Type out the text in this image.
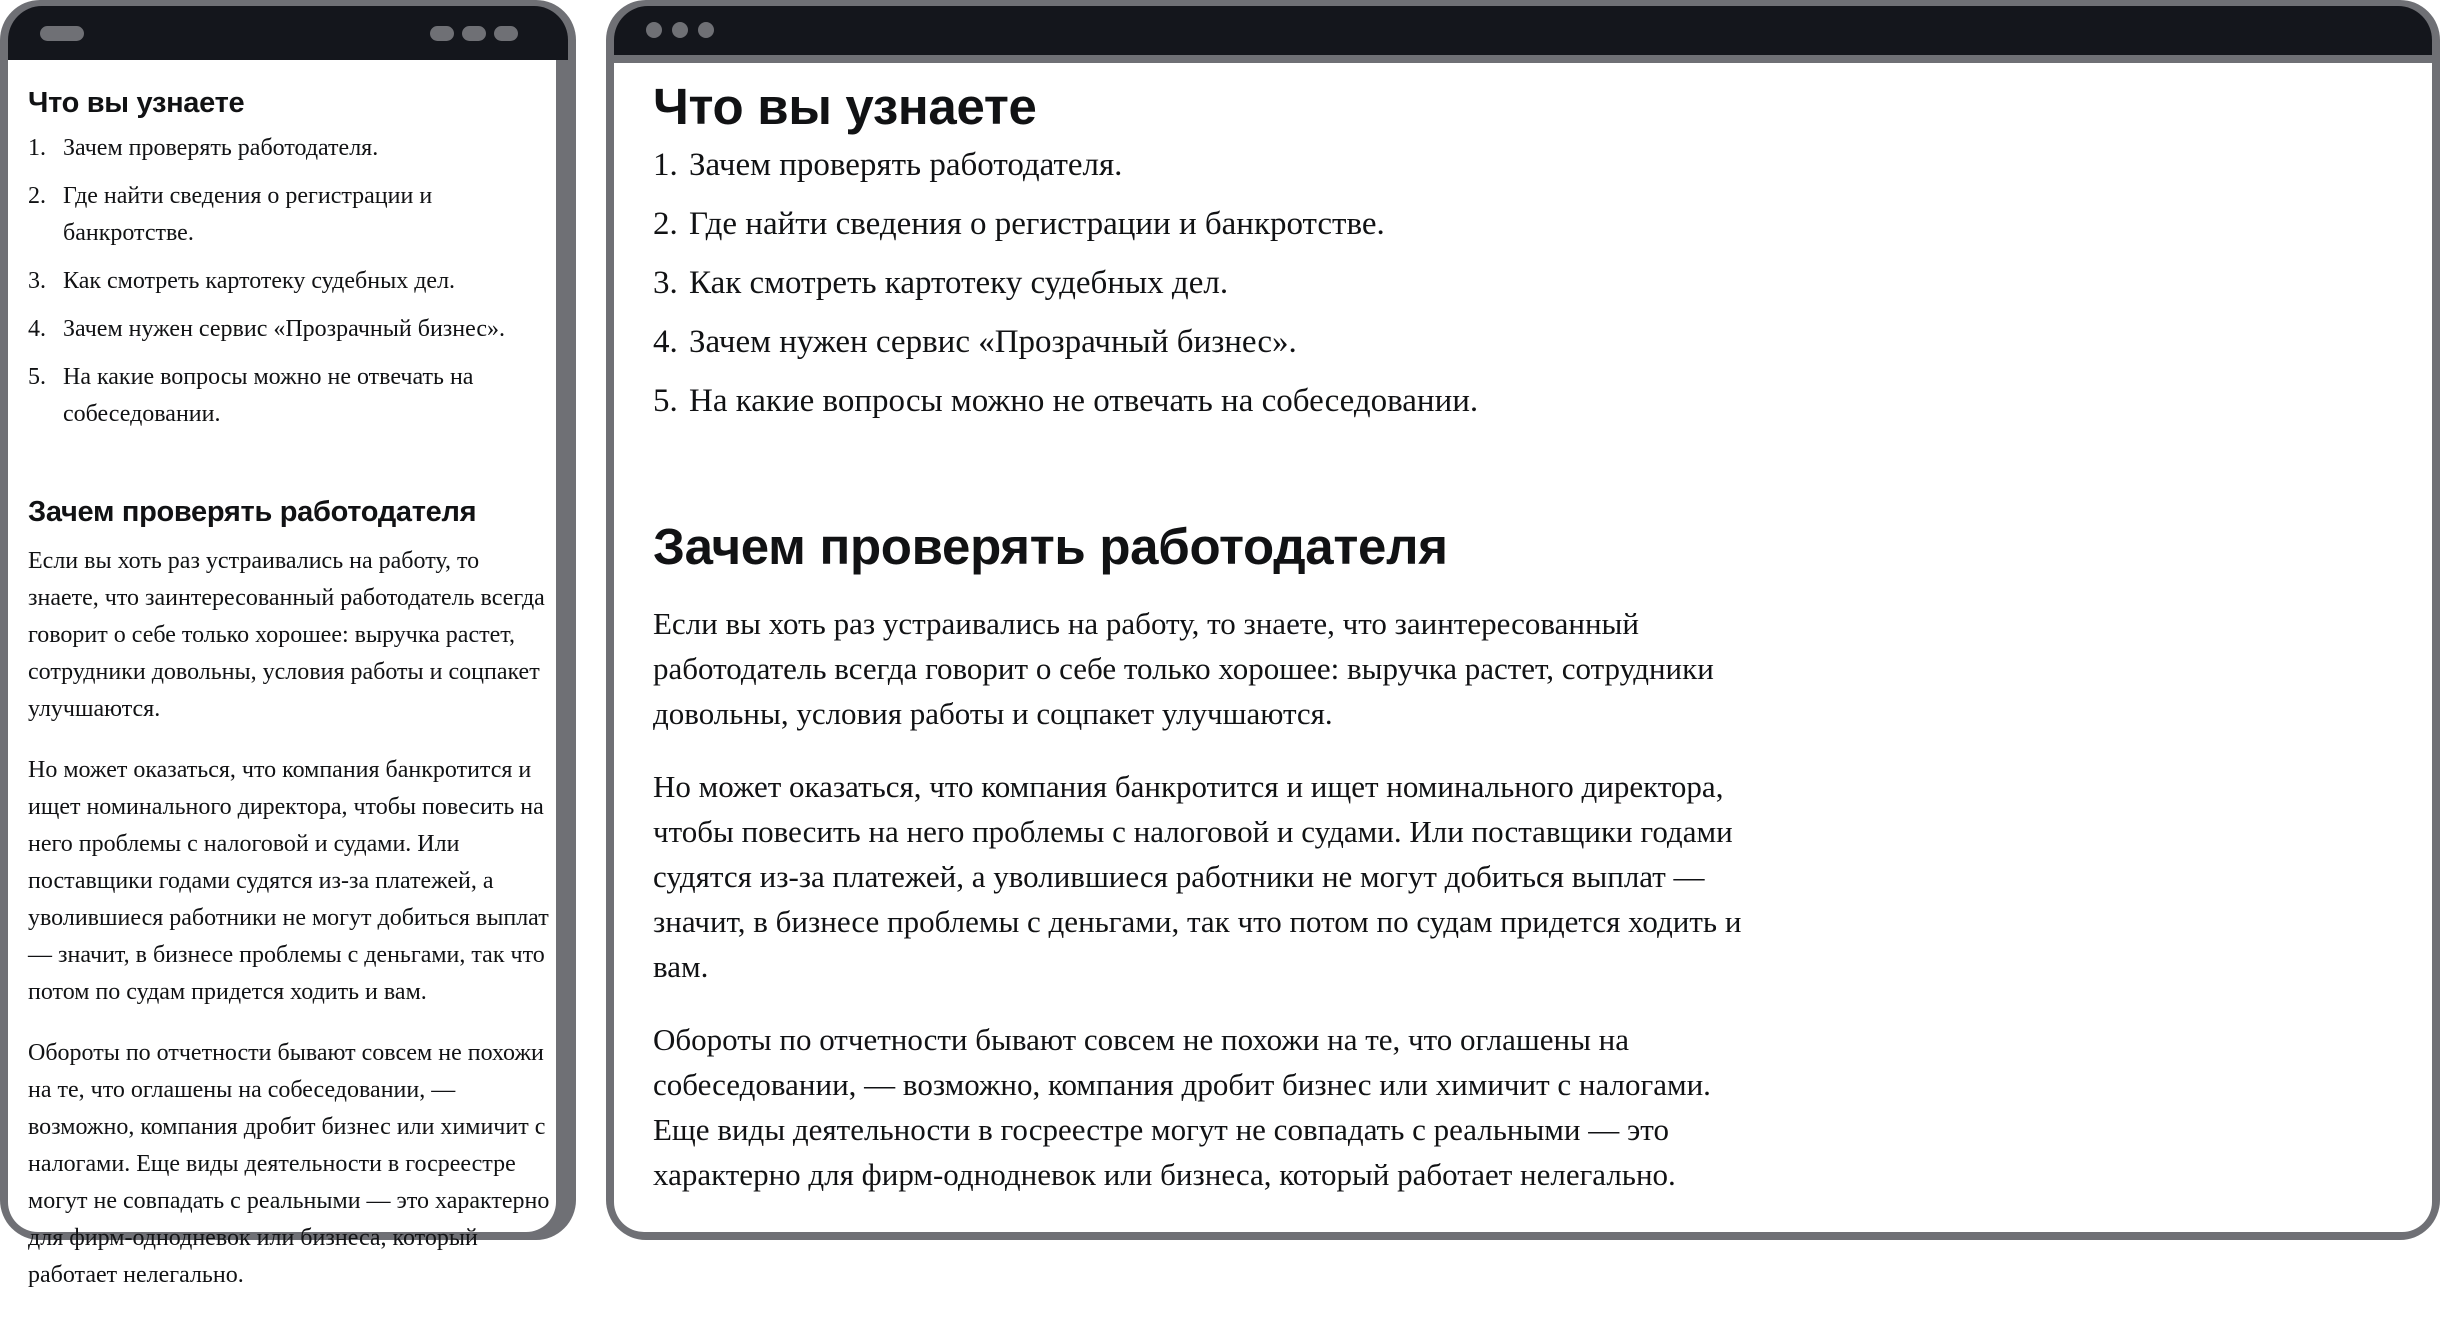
Что вы узнаете
1. Зачем проверять работодателя.
2. Где найти сведения о регистрации и банкротстве.
3. Как смотреть картотеку судебных дел.
4. Зачем нужен сервис «Прозрачный бизнес».
5. На какие вопросы можно не отвечать на собеседовании.
Зачем проверять работодателя

Если вы хоть раз устраивались на работу, то знаете, что заинтересованный работодатель всегда говорит о себе только хорошее: выручка растет, сотрудники довольны, условия работы и соцпакет улучшаются.

Но может оказаться, что компания банкротится и ищет номинального директора, чтобы повесить на него проблемы с налоговой и судами. Или поставщики годами судятся из-за платежей, а уволившиеся работники не могут добиться выплат — значит, в бизнесе проблемы с деньгами, так что потом по судам придется ходить и вам.

Обороты по отчетности бывают совсем не похожи на те, что оглашены на собеседовании, — возможно, компания дробит бизнес или химичит с налогами. Еще виды деятельности в госреестре могут не совпадать с реальными — это характерно для фирм-однодневок или бизнеса, который работает нелегально.

Что вы узнаете
1. Зачем проверять работодателя.
2. Где найти сведения о регистрации и банкротстве.
3. Как смотреть картотеку судебных дел.
4. Зачем нужен сервис «Прозрачный бизнес».
5. На какие вопросы можно не отвечать на собеседовании.
Зачем проверять работодателя

Если вы хоть раз устраивались на работу, то знаете, что заинтересованный работодатель всегда говорит о себе только хорошее: выручка растет, сотрудники довольны, условия работы и соцпакет улучшаются.

Но может оказаться, что компания банкротится и ищет номинального директора, чтобы повесить на него проблемы с налоговой и судами. Или поставщики годами судятся из-за платежей, а уволившиеся работники не могут добиться выплат — значит, в бизнесе проблемы с деньгами, так что потом по судам придется ходить и вам.

Обороты по отчетности бывают совсем не похожи на те, что оглашены на собеседовании, — возможно, компания дробит бизнес или химичит с налогами. Еще виды деятельности в госреестре могут не совпадать с реальными — это характерно для фирм-однодневок или бизнеса, который работает нелегально.
